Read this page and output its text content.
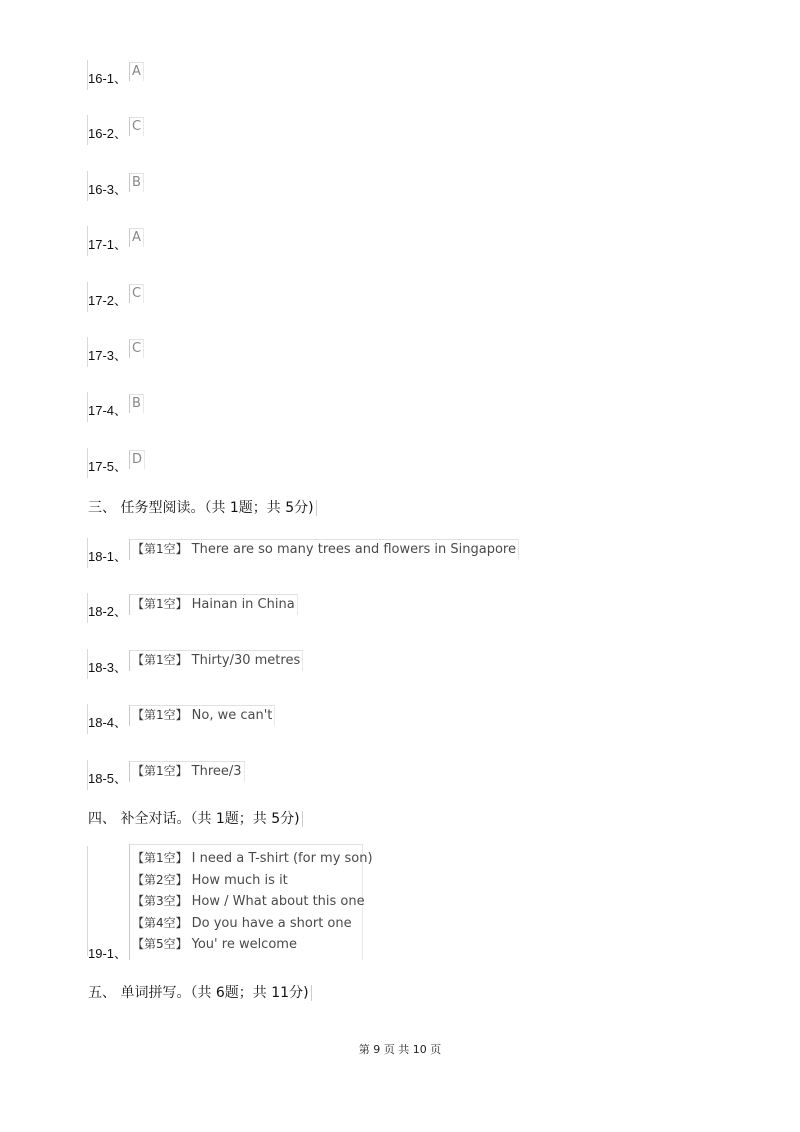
16-1、 A
16-2、 C
16-3、 B
17-1、 A
17-2、 C
17-3、 C
17-4、 B
17-5、 D
三、 任务型阅读。（共 1题；共 5分)
18-1、 【第1空】 There are so many trees and flowers in Singapore
18-2、 【第1空】 Hainan in China
18-3、 【第1空】 Thirty/30 metres
18-4、 【第1空】 No, we can't
18-5、 【第1空】 Three/3
四、 补全对话。（共 1题；共 5分)
19-1、
【第1空】 I need a T-shirt (for my son)
【第2空】 How much is it
【第3空】 How / What about this one
【第4空】 Do you have a short one
【第5空】 You' re welcome
五、 单词拼写。（共 6题；共 11分)
第 9 页 共 10 页
